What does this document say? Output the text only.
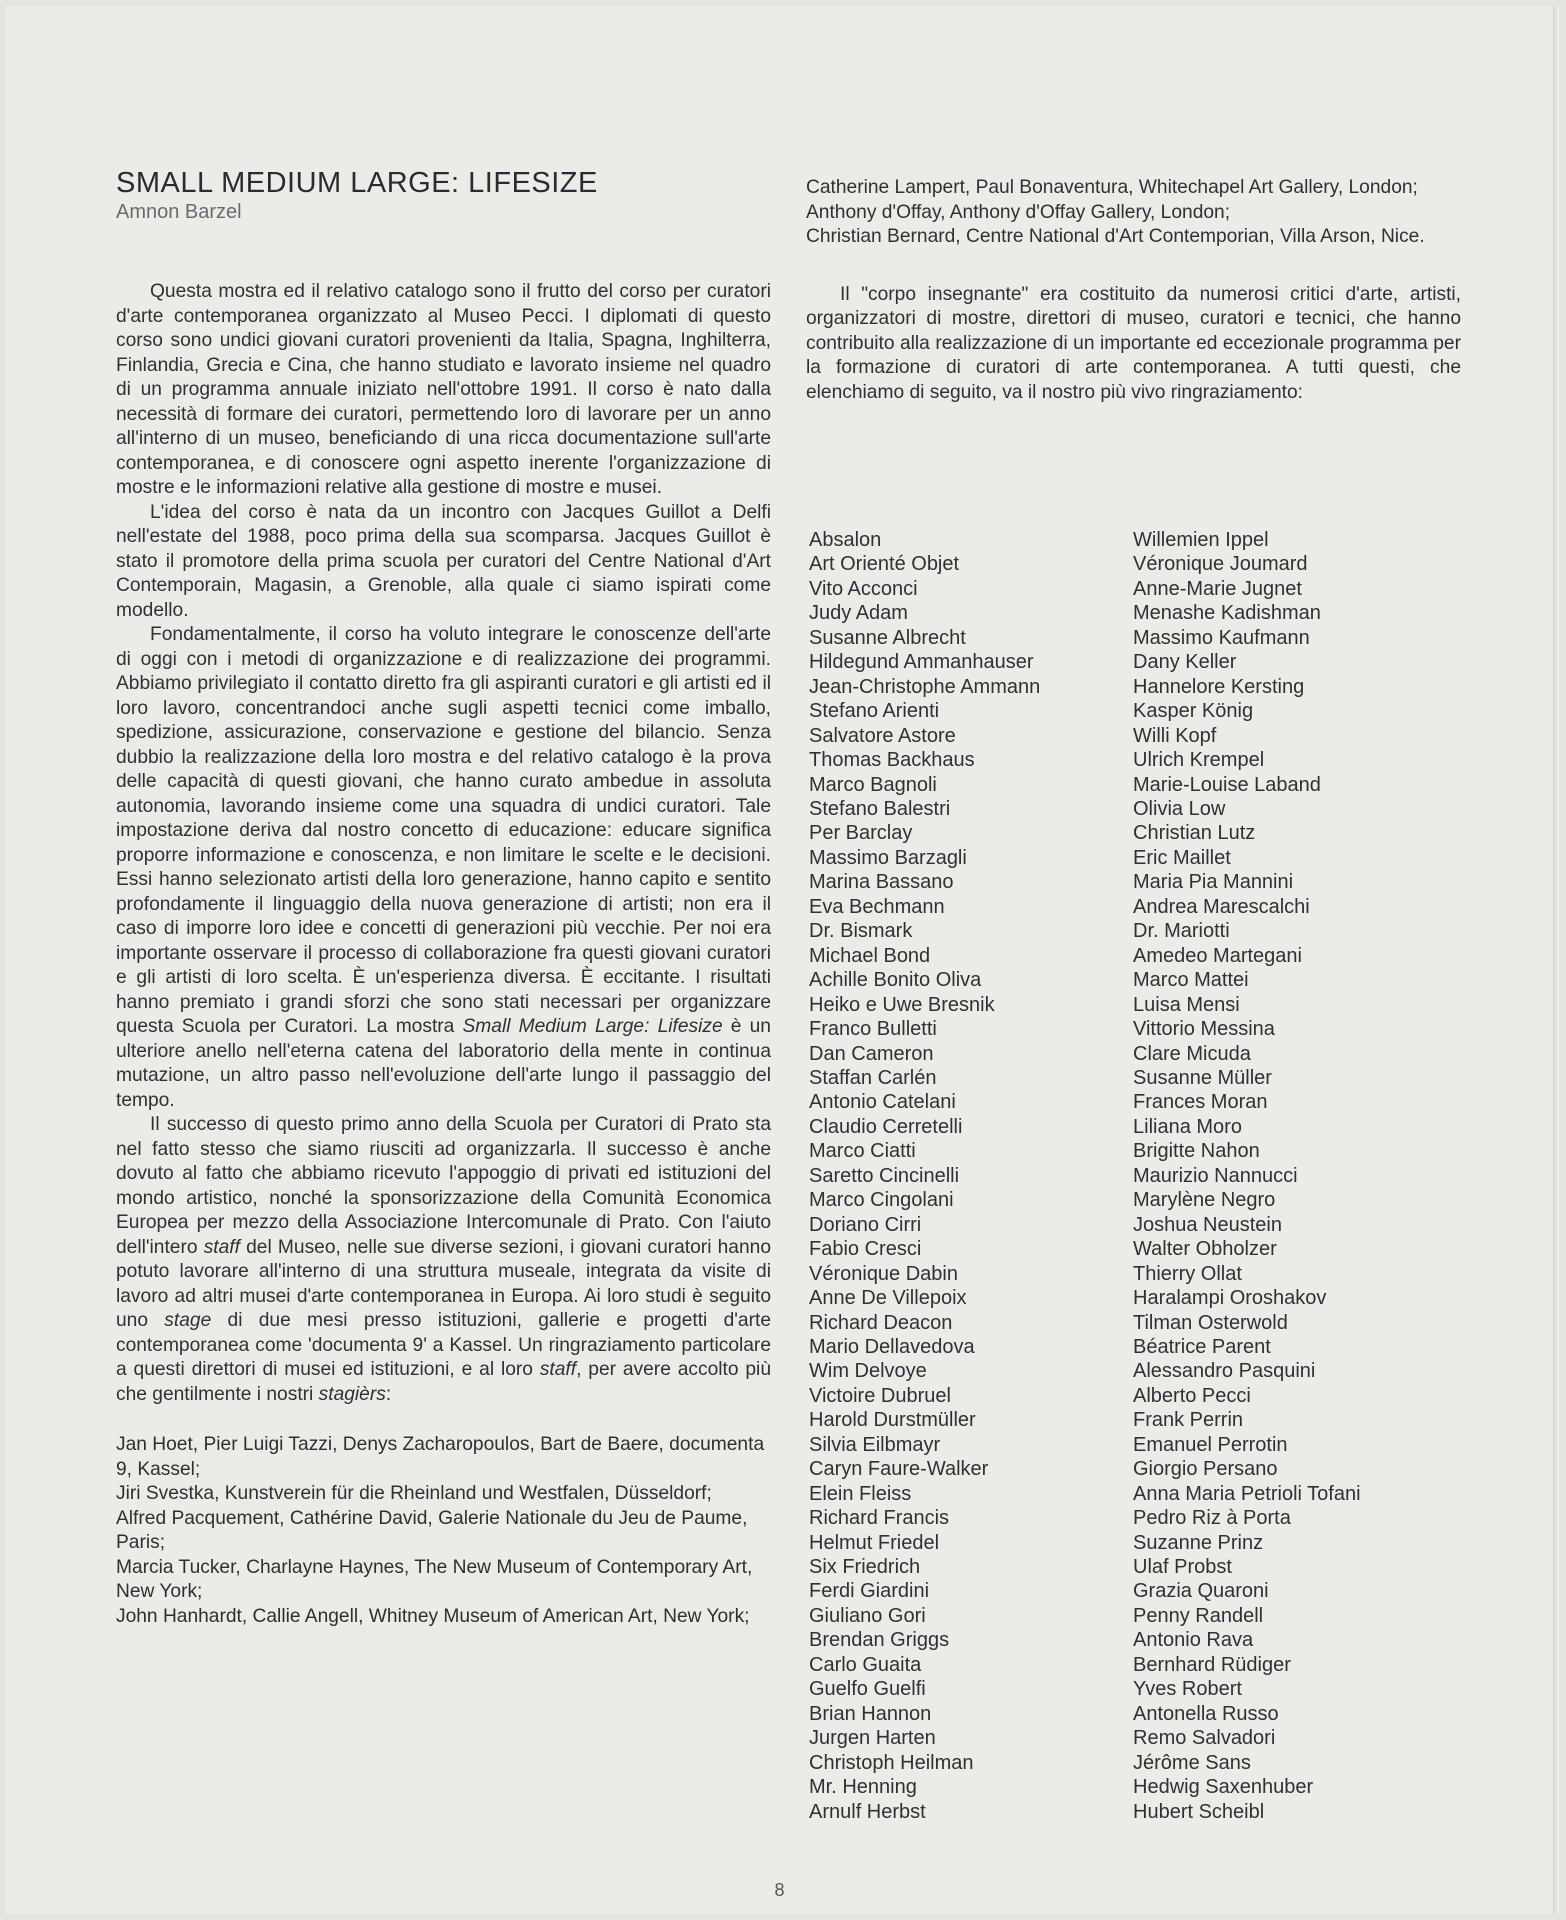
SMALL MEDIUM LARGE: LIFESIZE

Amnon Barzel

Questa mostra ed il relativo catalogo sono il frutto del corso per curatori d'arte contemporanea organizzato al Museo Pecci. I diplomati di questo corso sono undici giovani curatori provenienti da Italia, Spagna, Inghilterra, Finlandia, Grecia e Cina, che hanno studiato e lavorato insieme nel quadro di un programma annuale iniziato nell'ottobre 1991. Il corso è nato dalla necessità di formare dei curatori, permettendo loro di lavorare per un anno all'interno di un museo, beneficiando di una ricca documentazione sull'arte contemporanea, e di conoscere ogni aspetto inerente l'organizzazione di mostre e le informazioni relative alla gestione di mostre e musei.

L'idea del corso è nata da un incontro con Jacques Guillot a Delfi nell'estate del 1988, poco prima della sua scomparsa. Jacques Guillot è stato il promotore della prima scuola per curatori del Centre National d'Art Contemporain, Magasin, a Grenoble, alla quale ci siamo ispirati come modello.

Fondamentalmente, il corso ha voluto integrare le conoscenze dell'arte di oggi con i metodi di organizzazione e di realizzazione dei programmi. Abbiamo privilegiato il contatto diretto fra gli aspiranti curatori e gli artisti ed il loro lavoro, concentrandoci anche sugli aspetti tecnici come imballo, spedizione, assicurazione, conservazione e gestione del bilancio. Senza dubbio la realizzazione della loro mostra e del relativo catalogo è la prova delle capacità di questi giovani, che hanno curato ambedue in assoluta autonomia, lavorando insieme come una squadra di undici curatori. Tale impostazione deriva dal nostro concetto di educazione: educare significa proporre informazione e conoscenza, e non limitare le scelte e le decisioni. Essi hanno selezionato artisti della loro generazione, hanno capito e sentito profondamente il linguaggio della nuova generazione di artisti; non era il caso di imporre loro idee e concetti di generazioni più vecchie. Per noi era importante osservare il processo di collaborazione fra questi giovani curatori e gli artisti di loro scelta. È un'esperienza diversa. È eccitante. I risultati hanno premiato i grandi sforzi che sono stati necessari per organizzare questa Scuola per Curatori. La mostra Small Medium Large: Lifesize è un ulteriore anello nell'eterna catena del laboratorio della mente in continua mutazione, un altro passo nell'evoluzione dell'arte lungo il passaggio del tempo.

Il successo di questo primo anno della Scuola per Curatori di Prato sta nel fatto stesso che siamo riusciti ad organizzarla. Il successo è anche dovuto al fatto che abbiamo ricevuto l'appoggio di privati ed istituzioni del mondo artistico, nonché la sponsorizzazione della Comunità Economica Europea per mezzo della Associazione Intercomunale di Prato. Con l'aiuto dell'intero staff del Museo, nelle sue diverse sezioni, i giovani curatori hanno potuto lavorare all'interno di una struttura museale, integrata da visite di lavoro ad altri musei d'arte contemporanea in Europa. Ai loro studi è seguito uno stage di due mesi presso istituzioni, gallerie e progetti d'arte contemporanea come 'documenta 9' a Kassel. Un ringraziamento particolare a questi direttori di musei ed istituzioni, e al loro staff, per avere accolto più che gentilmente i nostri stagièrs:

Jan Hoet, Pier Luigi Tazzi, Denys Zacharopoulos, Bart de Baere, documenta 9, Kassel;
Jiri Svestka, Kunstverein für die Rheinland und Westfalen, Düsseldorf;
Alfred Pacquement, Cathérine David, Galerie Nationale du Jeu de Paume, Paris;
Marcia Tucker, Charlayne Haynes, The New Museum of Contemporary Art, New York;
John Hanhardt, Callie Angell, Whitney Museum of American Art, New York;
Catherine Lampert, Paul Bonaventura, Whitechapel Art Gallery, London;
Anthony d'Offay, Anthony d'Offay Gallery, London;
Christian Bernard, Centre National d'Art Contemporian, Villa Arson, Nice.

Il "corpo insegnante" era costituito da numerosi critici d'arte, artisti, organizzatori di mostre, direttori di museo, curatori e tecnici, che hanno contribuito alla realizzazione di un importante ed eccezionale programma per la formazione di curatori di arte contemporanea. A tutti questi, che elenchiamo di seguito, va il nostro più vivo ringraziamento:

Absalon
Art Orienté Objet
Vito Acconci
Judy Adam
Susanne Albrecht
Hildegund Ammanhauser
Jean-Christophe Ammann
Stefano Arienti
Salvatore Astore
Thomas Backhaus
Marco Bagnoli
Stefano Balestri
Per Barclay
Massimo Barzagli
Marina Bassano
Eva Bechmann
Dr. Bismark
Michael Bond
Achille Bonito Oliva
Heiko e Uwe Bresnik
Franco Bulletti
Dan Cameron
Staffan Carlén
Antonio Catelani
Claudio Cerretelli
Marco Ciatti
Saretto Cincinelli
Marco Cingolani
Doriano Cirri
Fabio Cresci
Véronique Dabin
Anne De Villepoix
Richard Deacon
Mario Dellavedova
Wim Delvoye
Victoire Dubruel
Harold Durstmüller
Silvia Eilbmayr
Caryn Faure-Walker
Elein Fleiss
Richard Francis
Helmut Friedel
Six Friedrich
Ferdi Giardini
Giuliano Gori
Brendan Griggs
Carlo Guaita
Guelfo Guelfi
Brian Hannon
Jurgen Harten
Christoph Heilman
Mr. Henning
Arnulf Herbst
Willemien Ippel
Véronique Joumard
Anne-Marie Jugnet
Menashe Kadishman
Massimo Kaufmann
Dany Keller
Hannelore Kersting
Kasper König
Willi Kopf
Ulrich Krempel
Marie-Louise Laband
Olivia Low
Christian Lutz
Eric Maillet
Maria Pia Mannini
Andrea Marescalchi
Dr. Mariotti
Amedeo Martegani
Marco Mattei
Luisa Mensi
Vittorio Messina
Clare Micuda
Susanne Müller
Frances Moran
Liliana Moro
Brigitte Nahon
Maurizio Nannucci
Marylène Negro
Joshua Neustein
Walter Obholzer
Thierry Ollat
Haralampi Oroshakov
Tilman Osterwold
Béatrice Parent
Alessandro Pasquini
Alberto Pecci
Frank Perrin
Emanuel Perrotin
Giorgio Persano
Anna Maria Petrioli Tofani
Pedro Riz à Porta
Suzanne Prinz
Ulaf Probst
Grazia Quaroni
Penny Randell
Antonio Rava
Bernhard Rüdiger
Yves Robert
Antonella Russo
Remo Salvadori
Jérôme Sans
Hedwig Saxenhuber
Hubert Scheibl
8
